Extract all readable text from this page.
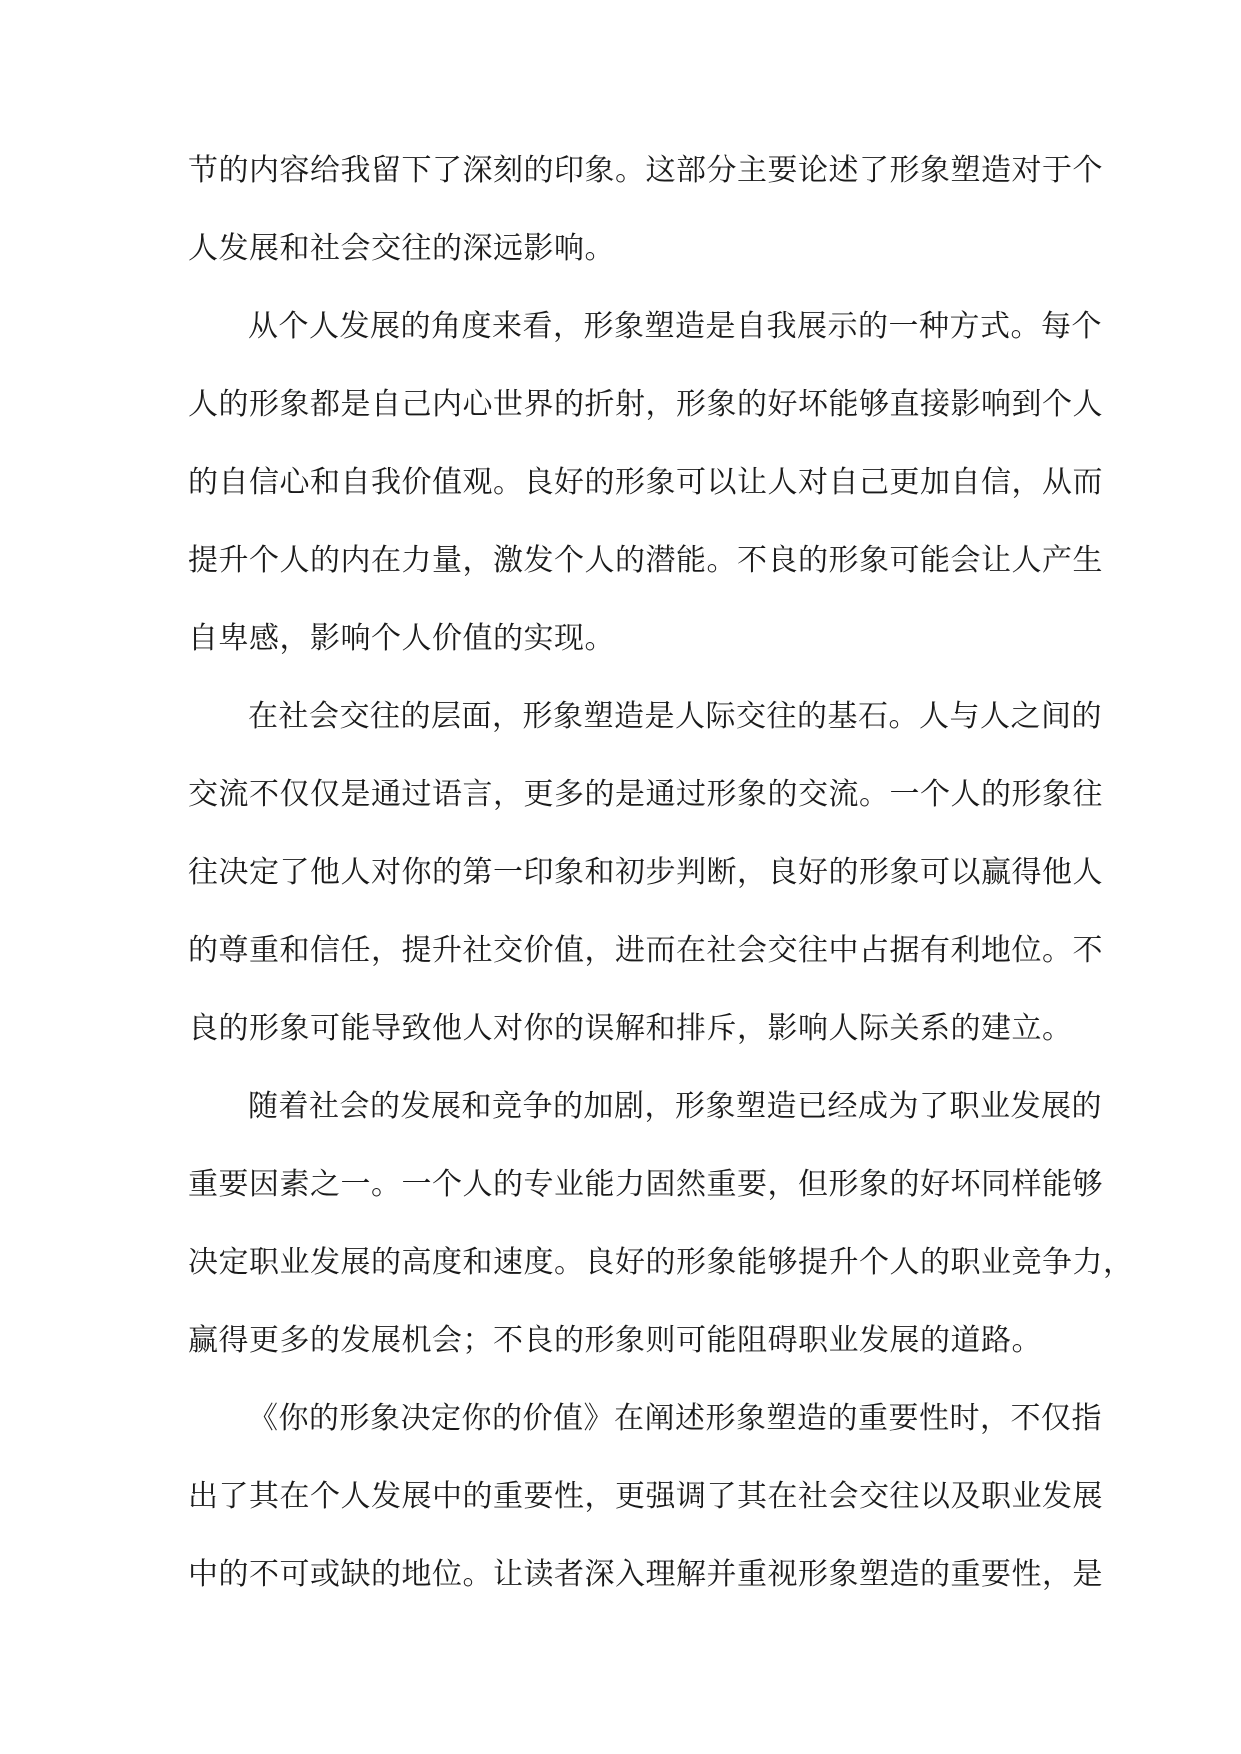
节的内容给我留下了深刻的印象。这部分主要论述了形象塑造对于个
人发展和社会交往的深远影响。
从个人发展的角度来看，形象塑造是自我展示的一种方式。每个
人的形象都是自己内心世界的折射，形象的好坏能够直接影响到个人
的自信心和自我价值观。良好的形象可以让人对自己更加自信，从而
提升个人的内在力量，激发个人的潜能。不良的形象可能会让人产生
自卑感，影响个人价值的实现。
在社会交往的层面，形象塑造是人际交往的基石。人与人之间的
交流不仅仅是通过语言，更多的是通过形象的交流。一个人的形象往
往决定了他人对你的第一印象和初步判断，良好的形象可以赢得他人
的尊重和信任，提升社交价值，进而在社会交往中占据有利地位。不
良的形象可能导致他人对你的误解和排斥，影响人际关系的建立。
随着社会的发展和竞争的加剧，形象塑造已经成为了职业发展的
重要因素之一。一个人的专业能力固然重要，但形象的好坏同样能够
决定职业发展的高度和速度。良好的形象能够提升个人的职业竞争力，
赢得更多的发展机会；不良的形象则可能阻碍职业发展的道路。
《你的形象决定你的价值》在阐述形象塑造的重要性时，不仅指
出了其在个人发展中的重要性，更强调了其在社会交往以及职业发展
中的不可或缺的地位。让读者深入理解并重视形象塑造的重要性，是
